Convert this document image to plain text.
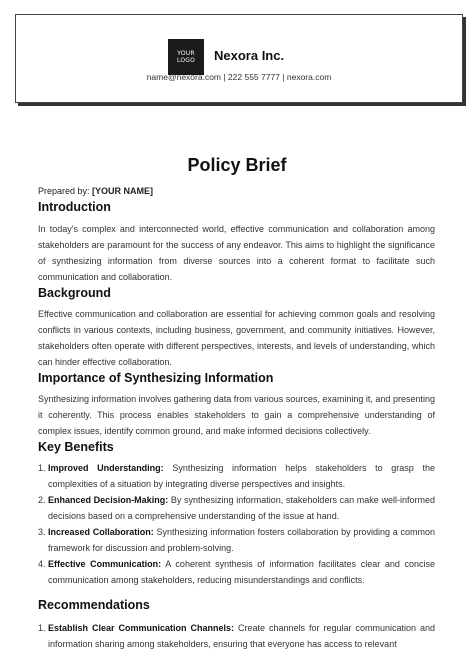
YOUR LOGO	Nexora Inc.
name@nexora.com | 222 555 7777 | nexora.com
Policy Brief
Prepared by: [YOUR NAME]
Introduction

In today's complex and interconnected world, effective communication and collaboration among stakeholders are paramount for the success of any endeavor. This aims to highlight the significance of synthesizing information from diverse sources into a coherent format to facilitate such communication and collaboration.

Background

Effective communication and collaboration are essential for achieving common goals and resolving conflicts in various contexts, including business, government, and community initiatives. However, stakeholders often operate with different perspectives, interests, and levels of understanding, which can hinder effective collaboration.

Importance of Synthesizing Information

Synthesizing information involves gathering data from various sources, examining it, and presenting it coherently. This process enables stakeholders to gain a comprehensive understanding of complex issues, identify common ground, and make informed decisions collectively.

Key Benefits
1. Improved Understanding: Synthesizing information helps stakeholders to grasp the complexities of a situation by integrating diverse perspectives and insights.
2. Enhanced Decision-Making: By synthesizing information, stakeholders can make well-informed decisions based on a comprehensive understanding of the issue at hand.
3. Increased Collaboration: Synthesizing information fosters collaboration by providing a common framework for discussion and problem-solving.
4. Effective Communication: A coherent synthesis of information facilitates clear and concise communication among stakeholders, reducing misunderstandings and conflicts.
Recommendations
1. Establish Clear Communication Channels: Create channels for regular communication and information sharing among stakeholders, ensuring that everyone has access to relevant
